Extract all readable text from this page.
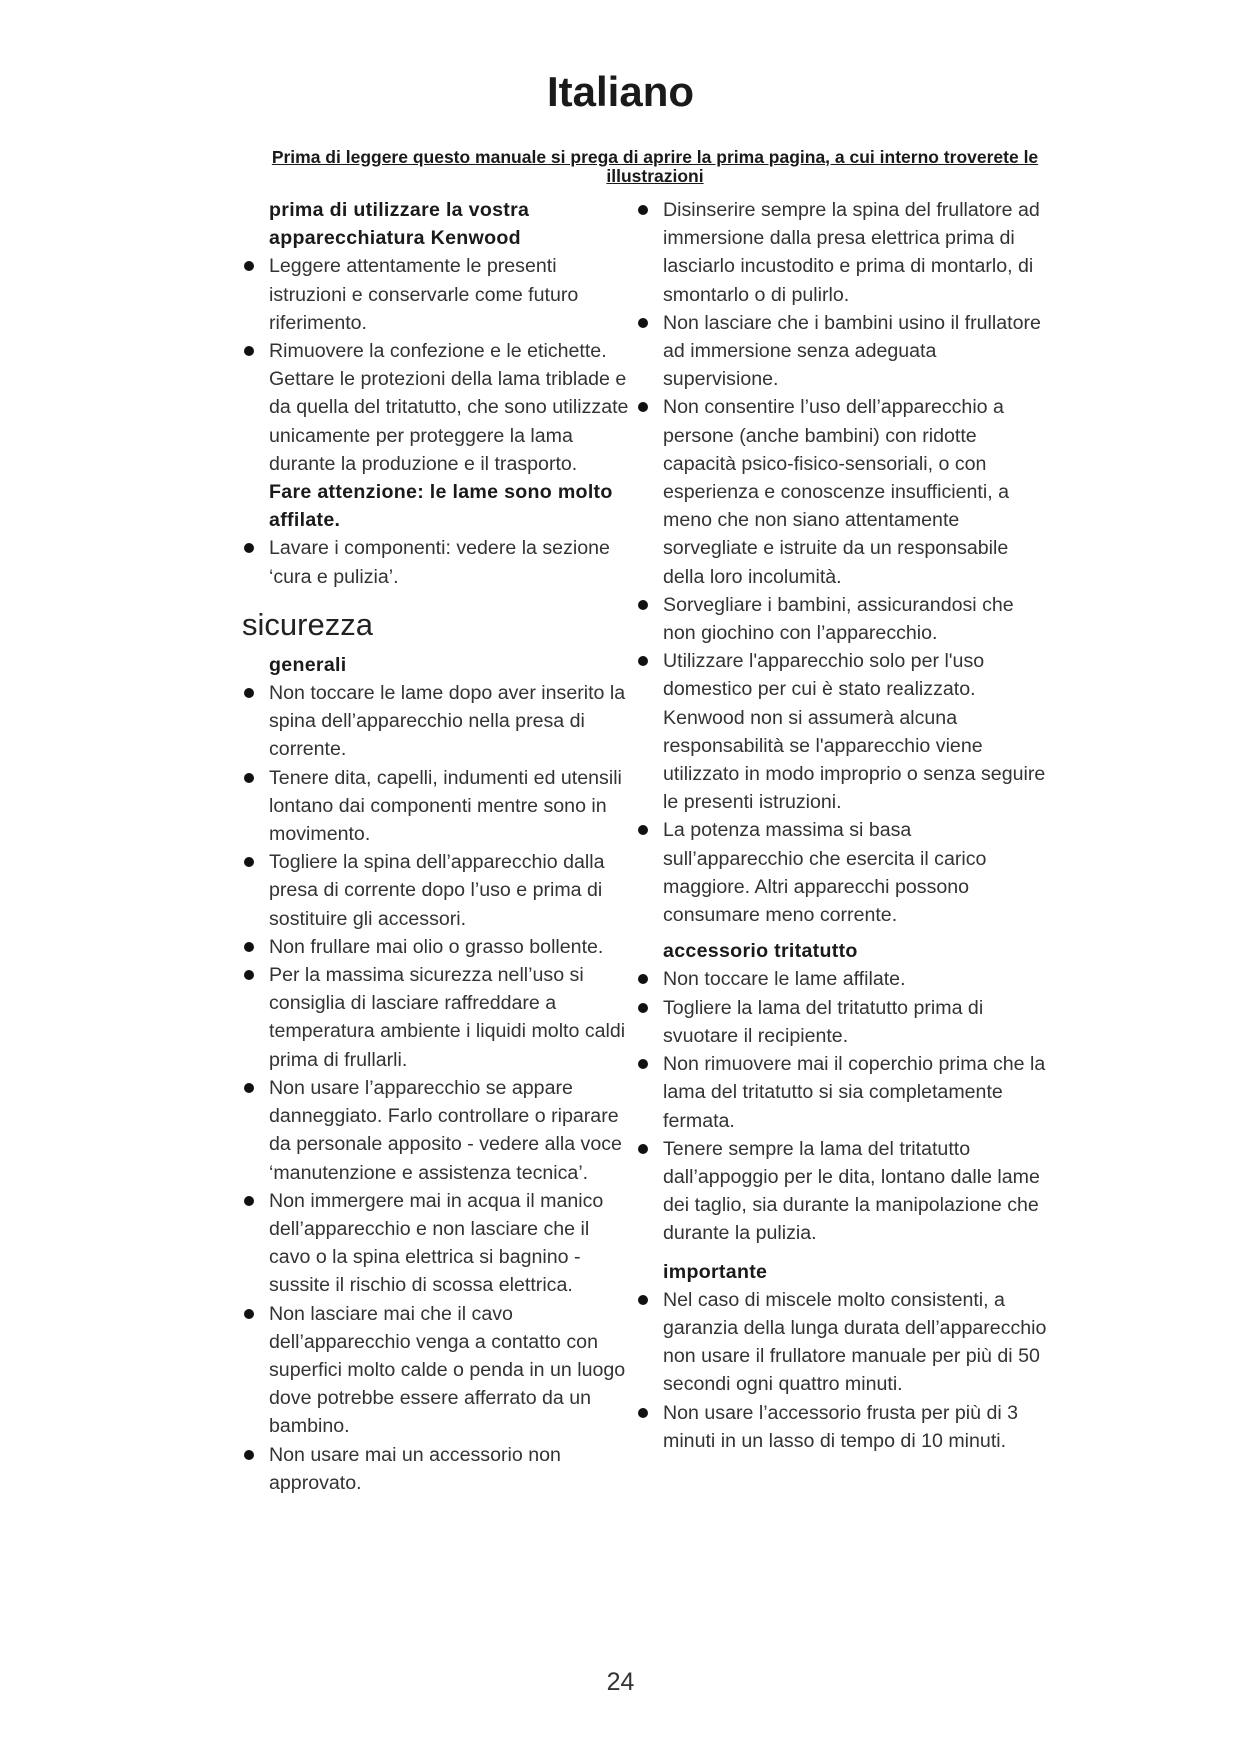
Italiano

Prima di leggere questo manuale si prega di aprire la prima pagina, a cui interno troverete le illustrazioni

prima di utilizzare la vostra apparecchiatura Kenwood

Leggere attentamente le presenti istruzioni e conservarle come futuro riferimento.

Rimuovere la confezione e le etichette. Gettare le protezioni della lama triblade e da quella del tritatutto, che sono utilizzate unicamente per proteggere la lama durante la produzione e il trasporto.

Fare attenzione: le lame sono molto affilate.

Lavare i componenti: vedere la sezione ‘cura e pulizia’.

sicurezza

generali

Non toccare le lame dopo aver inserito la spina dell’apparecchio nella presa di corrente.

Tenere dita, capelli, indumenti ed utensili lontano dai componenti mentre sono in movimento.

Togliere la spina dell’apparecchio dalla presa di corrente dopo l’uso e prima di sostituire gli accessori.

Non frullare mai olio o grasso bollente.

Per la massima sicurezza nell’uso si consiglia di lasciare raffreddare a temperatura ambiente i liquidi molto caldi prima di frullarli.

Non usare l’apparecchio se appare danneggiato. Farlo controllare o riparare da personale apposito - vedere alla voce ‘manutenzione e assistenza tecnica’.

Non immergere mai in acqua il manico dell’apparecchio e non lasciare che il cavo o la spina elettrica si bagnino - sussite il rischio di scossa elettrica.

Non lasciare mai che il cavo dell’apparecchio venga a contatto con superfici molto calde o penda in un luogo dove potrebbe essere afferrato da un bambino.

Non usare mai un accessorio non approvato.

Disinserire sempre la spina del frullatore ad immersione dalla presa elettrica prima di lasciarlo incustodito e prima di montarlo, di smontarlo o di pulirlo.

Non lasciare che i bambini usino il frullatore ad immersione senza adeguata supervisione.

Non consentire l’uso dell’apparecchio a persone (anche bambini) con ridotte capacità psico-fisico-sensoriali, o con esperienza e conoscenze insufficienti, a meno che non siano attentamente sorvegliate e istruite da un responsabile della loro incolumità.

Sorvegliare i bambini, assicurandosi che non giochino con l’apparecchio.

Utilizzare l'apparecchio solo per l'uso domestico per cui è stato realizzato. Kenwood non si assumerà alcuna responsabilità se l'apparecchio viene utilizzato in modo improprio o senza seguire le presenti istruzioni.

La potenza massima si basa sull’apparecchio che esercita il carico maggiore. Altri apparecchi possono consumare meno corrente.

accessorio tritatutto

Non toccare le lame affilate.

Togliere la lama del tritatutto prima di svuotare il recipiente.

Non rimuovere mai il coperchio prima che la lama del tritatutto si sia completamente fermata.

Tenere sempre la lama del tritatutto dall’appoggio per le dita, lontano dalle lame dei taglio, sia durante la manipolazione che durante la pulizia.

importante

Nel caso di miscele molto consistenti, a garanzia della lunga durata dell’apparecchio non usare il frullatore manuale per più di 50 secondi ogni quattro minuti.

Non usare l’accessorio frusta per più di 3 minuti in un lasso di tempo di 10 minuti.

24
